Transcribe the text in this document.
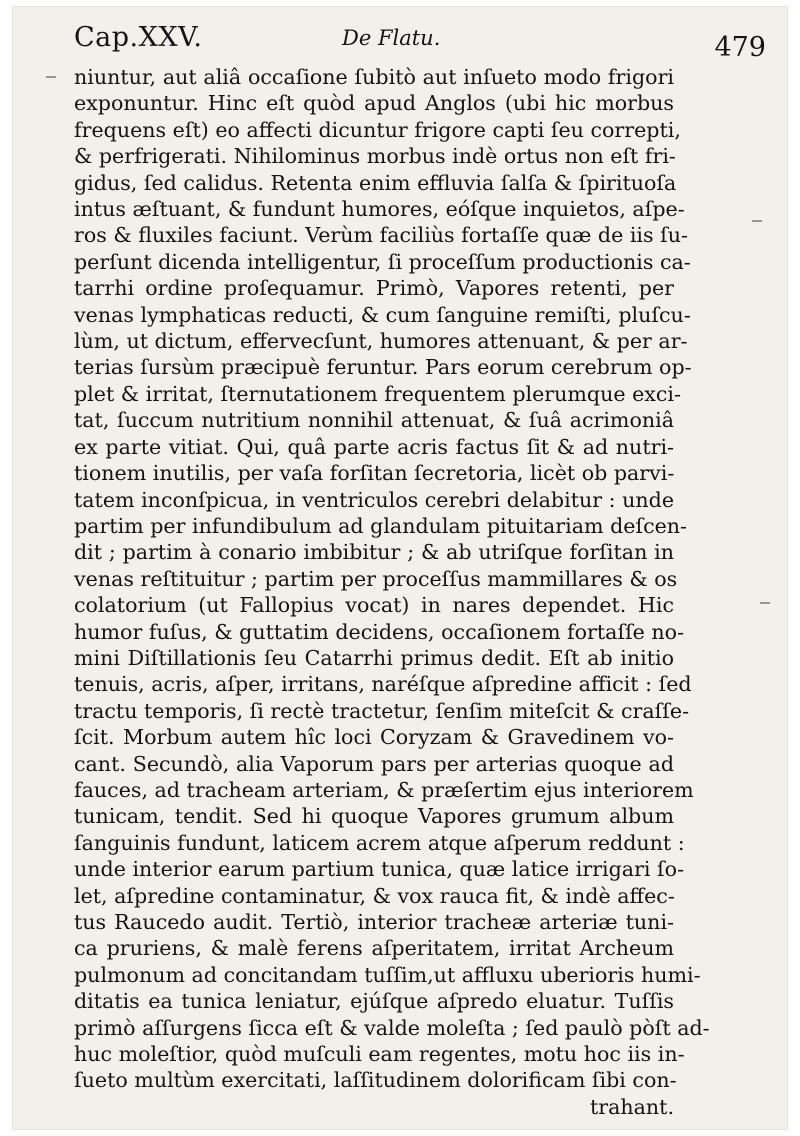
Cap.XXV.	De Flatu.	479
niuntur, aut aliâ occaſione ſubitò aut inſueto modo frigori
exponuntur. Hinc eſt quòd apud Anglos (ubi hic morbus
frequens eſt) eo affecti dicuntur frigore capti ſeu correpti,
& perfrigerati. Nihilominus morbus indè ortus non eſt fri-
gidus, ſed calidus. Retenta enim effluvia ſalſa & ſpirituoſa
intus æſtuant, & fundunt humores, eóſque inquietos, aſpe-
ros & fluxiles faciunt. Verùm faciliùs fortaſſe quæ de iis ſu-
perſunt dicenda intelligentur, ſi proceſſum productionis ca-
tarrhi ordine proſequamur. Primò, Vapores retenti, per
venas lymphaticas reducti, & cum ſanguine remiſti, pluſcu-
lùm, ut dictum, effervecſunt, humores attenuant, & per ar-
terias ſursùm præcipuè feruntur. Pars eorum cerebrum op-
plet & irritat, ſternutationem frequentem plerumque exci-
tat, ſuccum nutritium nonnihil attenuat, & ſuâ acrimoniâ
ex parte vitiat. Qui, quâ parte acris factus ſit & ad nutri-
tionem inutilis, per vaſa forſitan ſecretoria, licèt ob parvi-
tatem inconſpicua, in ventriculos cerebri delabitur : unde
partim per infundibulum ad glandulam pituitariam deſcen-
dit ; partim à conario imbibitur ; & ab utriſque forſitan in
venas reſtituitur ; partim per proceſſus mammillares & os
colatorium (ut Fallopius vocat) in nares dependet. Hic
humor fuſus, & guttatim decidens, occaſionem fortaſſe no-
mini Diſtillationis ſeu Catarrhi primus dedit. Eſt ab initio
tenuis, acris, aſper, irritans, naréſque aſpredine afficit : ſed
tractu temporis, ſi rectè tractetur, ſenſim miteſcit & craſſe-
ſcit. Morbum autem hîc loci Coryzam & Gravedinem vo-
cant. Secundò, alia Vaporum pars per arterias quoque ad
fauces, ad tracheam arteriam, & præſertim ejus interiorem
tunicam, tendit. Sed hi quoque Vapores grumum album
ſanguinis fundunt, laticem acrem atque aſperum reddunt :
unde interior earum partium tunica, quæ latice irrigari ſo-
let, aſpredine contaminatur, & vox rauca fit, & indè affec-
tus Raucedo audit. Tertiò, interior tracheæ arteriæ tuni-
ca pruriens, & malè ferens aſperitatem, irritat Archeum
pulmonum ad concitandam tuſſim,ut affluxu uberioris humi-
ditatis ea tunica leniatur, ejúſque aſpredo eluatur. Tuſſis
primò aſſurgens ſicca eſt & valde moleſta ; ſed paulò pòſt ad-
huc moleſtior, quòd muſculi eam regentes, motu hoc iis in-
ſueto multùm exercitati, laſſitudinem dolorificam ſibi con-
trahant.
